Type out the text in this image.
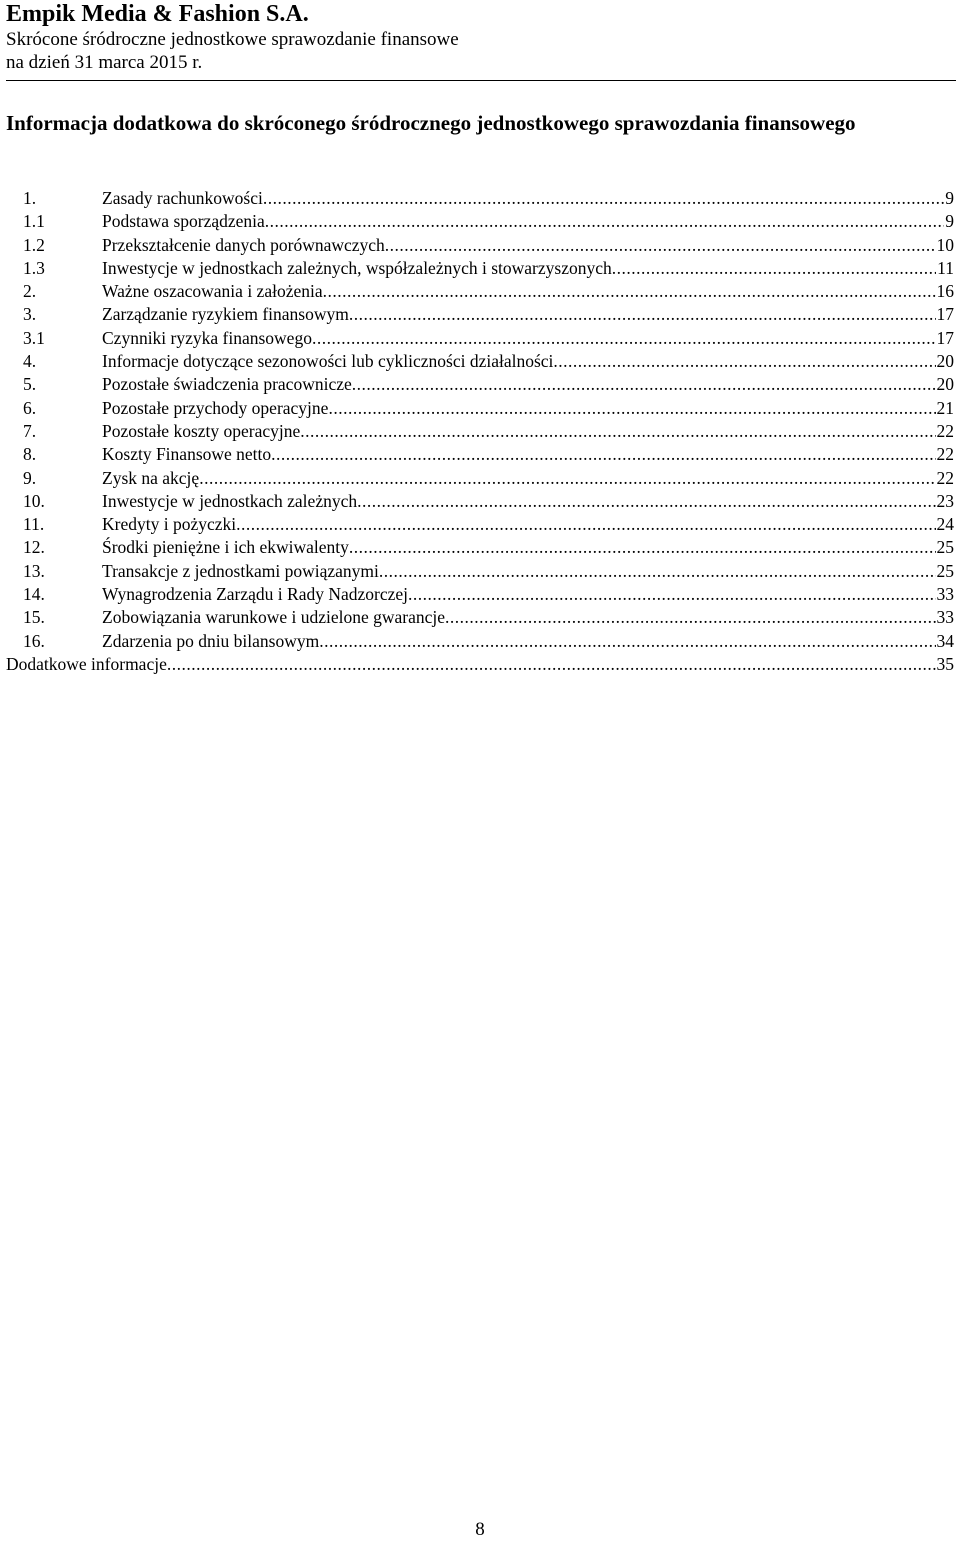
Empik Media & Fashion S.A.
Skrócone śródroczne jednostkowe sprawozdanie finansowe
na dzień 31 marca 2015 r.
Informacja dodatkowa do skróconego śródrocznego jednostkowego sprawozdania finansowego
1.	Zasady rachunkowości .....	9
1.1	Podstawa sporządzenia .....	9
1.2	Przekształcenie danych porównawczych .....	10
1.3	Inwestycje w jednostkach zależnych, współzależnych i stowarzyszonych .....	11
2.	Ważne oszacowania i założenia .....	16
3.	Zarządzanie ryzykiem finansowym .....	17
3.1	Czynniki ryzyka finansowego .....	17
4.	Informacje dotyczące sezonowości lub cykliczności działalności .....	20
5.	Pozostałe świadczenia pracownicze .....	20
6.	Pozostałe przychody operacyjne .....	21
7.	Pozostałe koszty operacyjne .....	22
8.	Koszty Finansowe netto .....	22
9.	Zysk na akcję .....	22
10.	Inwestycje w jednostkach zależnych .....	23
11.	Kredyty i pożyczki .....	24
12.	Środki pieniężne i ich ekwiwalenty .....	25
13.	Transakcje z jednostkami powiązanymi .....	25
14.	Wynagrodzenia Zarządu i Rady Nadzorczej .....	33
15.	Zobowiązania warunkowe i udzielone gwarancje .....	33
16.	Zdarzenia po dniu bilansowym .....	34
Dodatkowe informacje .....	35
8
